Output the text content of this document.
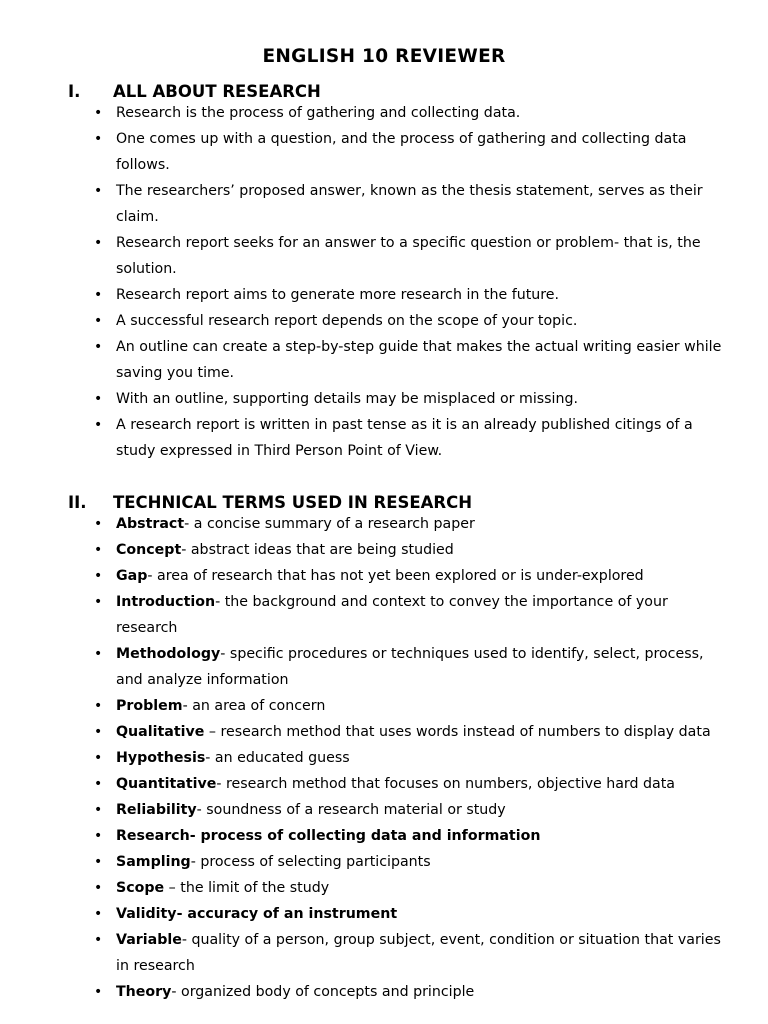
ENGLISH 10 REVIEWER
I.	ALL ABOUT RESEARCH
• Research is the process of gathering and collecting data.
• One comes up with a question, and the process of gathering and collecting data follows.
• The researchers’ proposed answer, known as the thesis statement, serves as their claim.
• Research report seeks for an answer to a specific question or problem- that is, the solution.
• Research report aims to generate more research in the future.
• A successful research report depends on the scope of your topic.
• An outline can create a step-by-step guide that makes the actual writing easier while saving you time.
• With an outline, supporting details may be misplaced or missing.
• A research report is written in past tense as it is an already published citings of a study expressed in Third Person Point of View.
II.	TECHNICAL TERMS USED IN RESEARCH
• Abstract- a concise summary of a research paper
• Concept- abstract ideas that are being studied
• Gap- area of research that has not yet been explored or is under-explored
• Introduction- the background and context to convey the importance of your research
• Methodology- specific procedures or techniques used to identify, select, process, and analyze information
• Problem- an area of concern
• Qualitative – research method that uses words instead of numbers to display data
• Hypothesis- an educated guess
• Quantitative- research method that focuses on numbers, objective hard data
• Reliability- soundness of a research material or study
• Research- process of collecting data and information
• Sampling- process of selecting participants
• Scope – the limit of the study
• Validity- accuracy of an instrument
• Variable- quality of a person, group subject, event, condition or situation that varies in research
• Theory- organized body of concepts and principle
